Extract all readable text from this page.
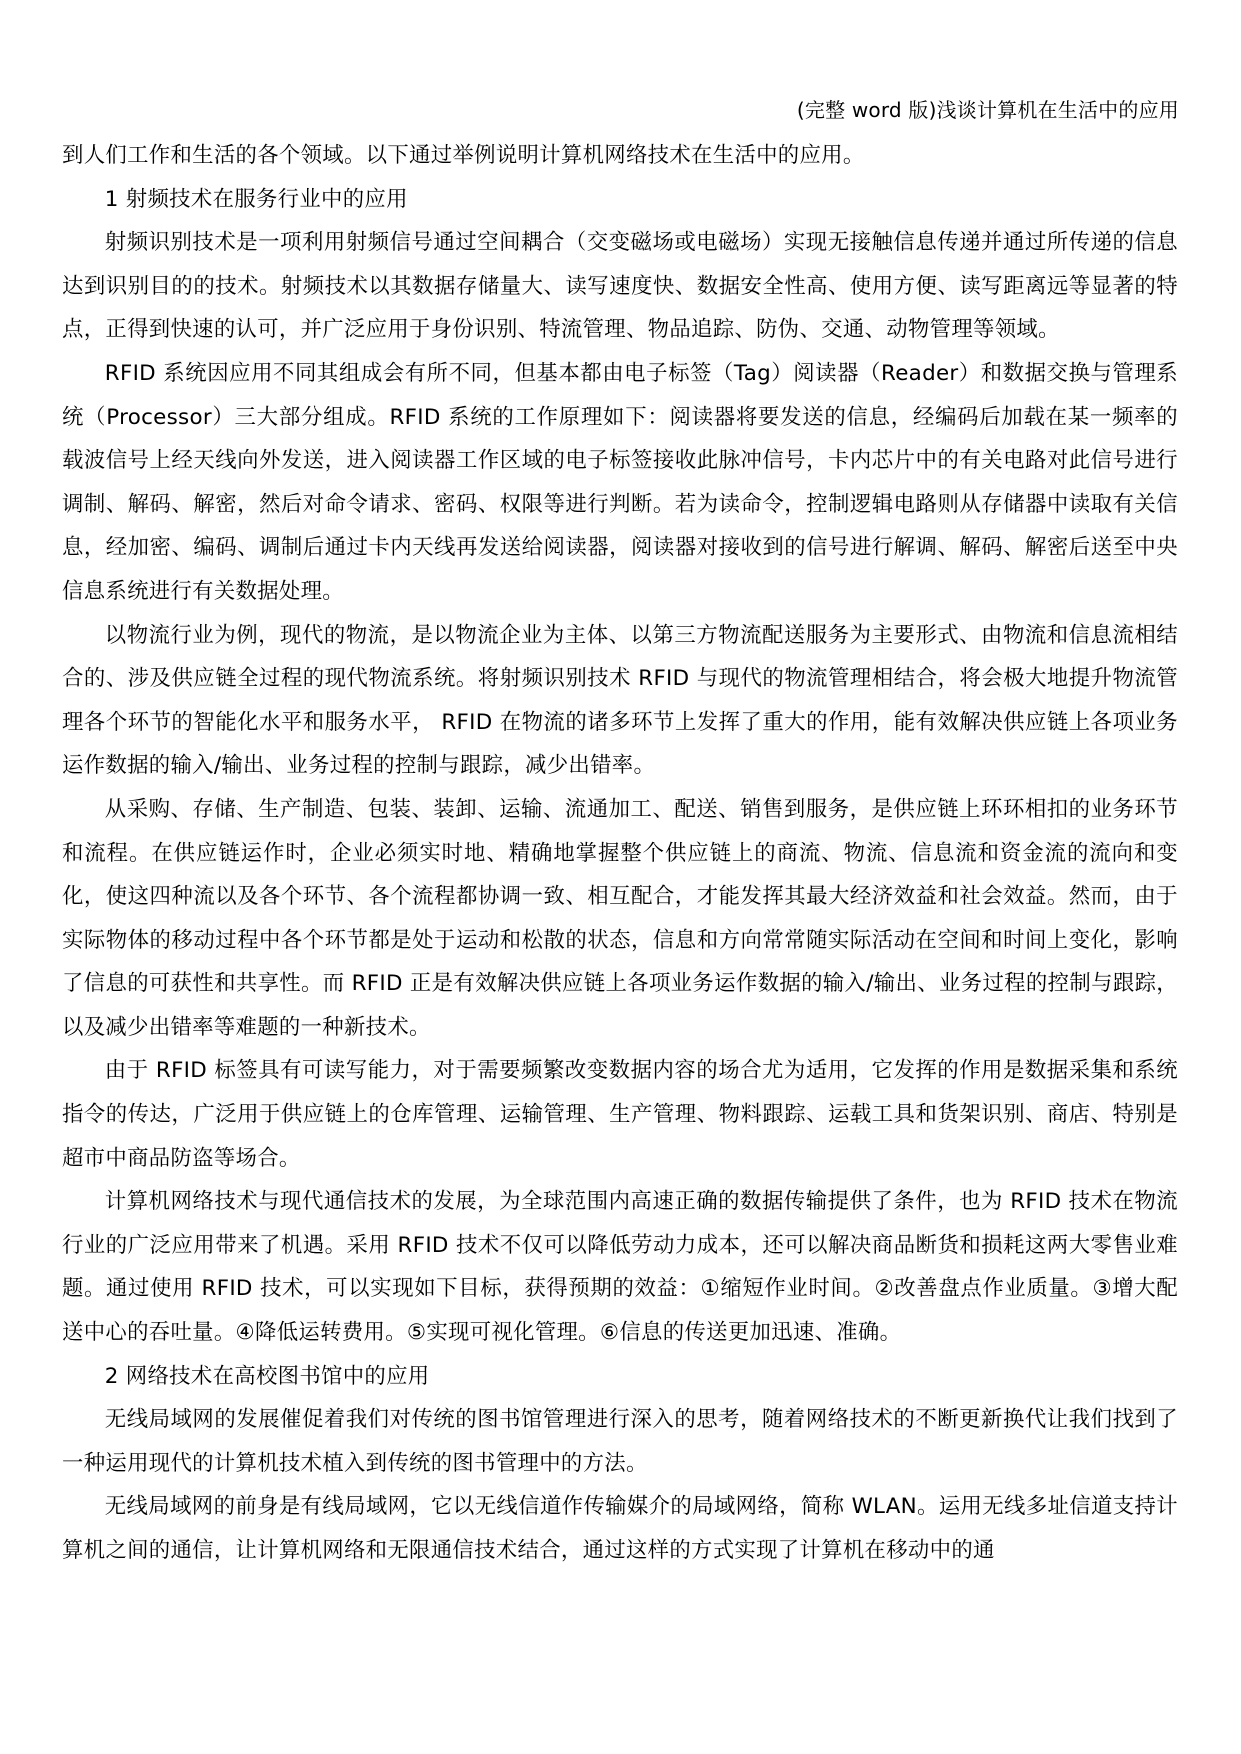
(完整 word 版)浅谈计算机在生活中的应用

到人们工作和生活的各个领域。以下通过举例说明计算机网络技术在生活中的应用。

1 射频技术在服务行业中的应用

射频识别技术是一项利用射频信号通过空间耦合（交变磁场或电磁场）实现无接触信息传递并通过所传递的信息达到识别目的的技术。射频技术以其数据存储量大、读写速度快、数据安全性高、使用方便、读写距离远等显著的特点，正得到快速的认可，并广泛应用于身份识别、特流管理、物品追踪、防伪、交通、动物管理等领域。

RFID 系统因应用不同其组成会有所不同，但基本都由电子标签（Tag）阅读器（Reader）和数据交换与管理系统（Processor）三大部分组成。RFID 系统的工作原理如下：阅读器将要发送的信息，经编码后加载在某一频率的载波信号上经天线向外发送，进入阅读器工作区域的电子标签接收此脉冲信号，卡内芯片中的有关电路对此信号进行调制、解码、解密，然后对命令请求、密码、权限等进行判断。若为读命令，控制逻辑电路则从存储器中读取有关信息，经加密、编码、调制后通过卡内天线再发送给阅读器，阅读器对接收到的信号进行解调、解码、解密后送至中央信息系统进行有关数据处理。

以物流行业为例，现代的物流，是以物流企业为主体、以第三方物流配送服务为主要形式、由物流和信息流相结合的、涉及供应链全过程的现代物流系统。将射频识别技术 RFID 与现代的物流管理相结合，将会极大地提升物流管理各个环节的智能化水平和服务水平， RFID 在物流的诸多环节上发挥了重大的作用，能有效解决供应链上各项业务运作数据的输入/输出、业务过程的控制与跟踪，减少出错率。

从采购、存储、生产制造、包装、装卸、运输、流通加工、配送、销售到服务，是供应链上环环相扣的业务环节和流程。在供应链运作时，企业必须实时地、精确地掌握整个供应链上的商流、物流、信息流和资金流的流向和变化，使这四种流以及各个环节、各个流程都协调一致、相互配合，才能发挥其最大经济效益和社会效益。然而，由于实际物体的移动过程中各个环节都是处于运动和松散的状态，信息和方向常常随实际活动在空间和时间上变化，影响了信息的可获性和共享性。而 RFID 正是有效解决供应链上各项业务运作数据的输入/输出、业务过程的控制与跟踪，以及减少出错率等难题的一种新技术。

由于 RFID 标签具有可读写能力，对于需要频繁改变数据内容的场合尤为适用，它发挥的作用是数据采集和系统指令的传达，广泛用于供应链上的仓库管理、运输管理、生产管理、物料跟踪、运载工具和货架识别、商店、特别是超市中商品防盗等场合。

计算机网络技术与现代通信技术的发展，为全球范围内高速正确的数据传输提供了条件，也为 RFID 技术在物流行业的广泛应用带来了机遇。采用 RFID 技术不仅可以降低劳动力成本，还可以解决商品断货和损耗这两大零售业难题。通过使用 RFID 技术，可以实现如下目标，获得预期的效益：①缩短作业时间。②改善盘点作业质量。③增大配送中心的吞吐量。④降低运转费用。⑤实现可视化管理。⑥信息的传送更加迅速、准确。

2 网络技术在高校图书馆中的应用

无线局域网的发展催促着我们对传统的图书馆管理进行深入的思考，随着网络技术的不断更新换代让我们找到了一种运用现代的计算机技术植入到传统的图书管理中的方法。

无线局域网的前身是有线局域网，它以无线信道作传输媒介的局域网络，简称 WLAN。运用无线多址信道支持计算机之间的通信，让计算机网络和无限通信技术结合，通过这样的方式实现了计算机在移动中的通
